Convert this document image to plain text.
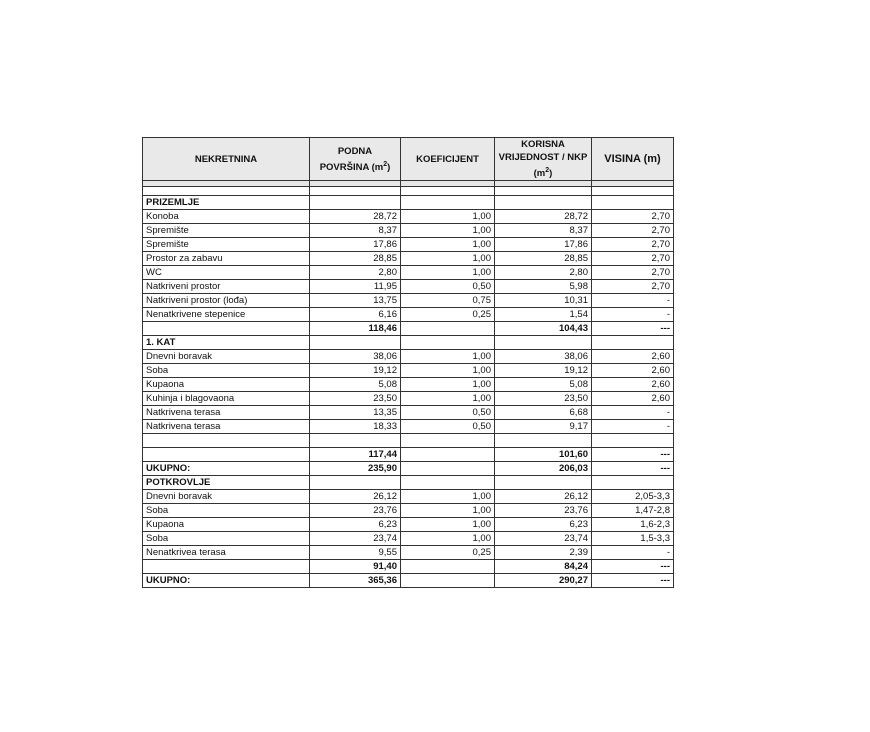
NEKRETNINA	PODNA POVRŠINA $(m^2)$	KOEFICIJENT	KORISNA VRIJEDNOST / NKP $(m^2)$	VISINA (m)

PRIZEMLJE				
Konoba	28,72	1,00	28,72	2,70
Spremište	8,37	1,00	8,37	2,70
Spremište	17,86	1,00	17,86	2,70
Prostor za zabavu	28,85	1,00	28,85	2,70
WC	2,80	1,00	2,80	2,70
Natkriveni prostor	11,95	0,50	5,98	2,70
Natkriveni prostor (lođa)	13,75	0,75	10,31	-
Nenatkrivene stepenice	6,16	0,25	1,54	-
	118,46		104,43	---
1. KAT				
Dnevni boravak	38,06	1,00	38,06	2,60
Soba	19,12	1,00	19,12	2,60
Kupaona	5,08	1,00	5,08	2,60
Kuhinja i blagovaona	23,50	1,00	23,50	2,60
Natkrivena terasa	13,35	0,50	6,68	-
Natkrivena terasa	18,33	0,50	9,17	-

	117,44		101,60	---
UKUPNO:	235,90		206,03	---
POTKROVLJE				
Dnevni boravak	26,12	1,00	26,12	2,05-3,3
Soba	23,76	1,00	23,76	1,47-2,8
Kupaona	6,23	1,00	6,23	1,6-2,3
Soba	23,74	1,00	23,74	1,5-3,3
Nenatkrivea terasa	9,55	0,25	2,39	-
	91,40		84,24	---
UKUPNO:	365,36		290,27	---
